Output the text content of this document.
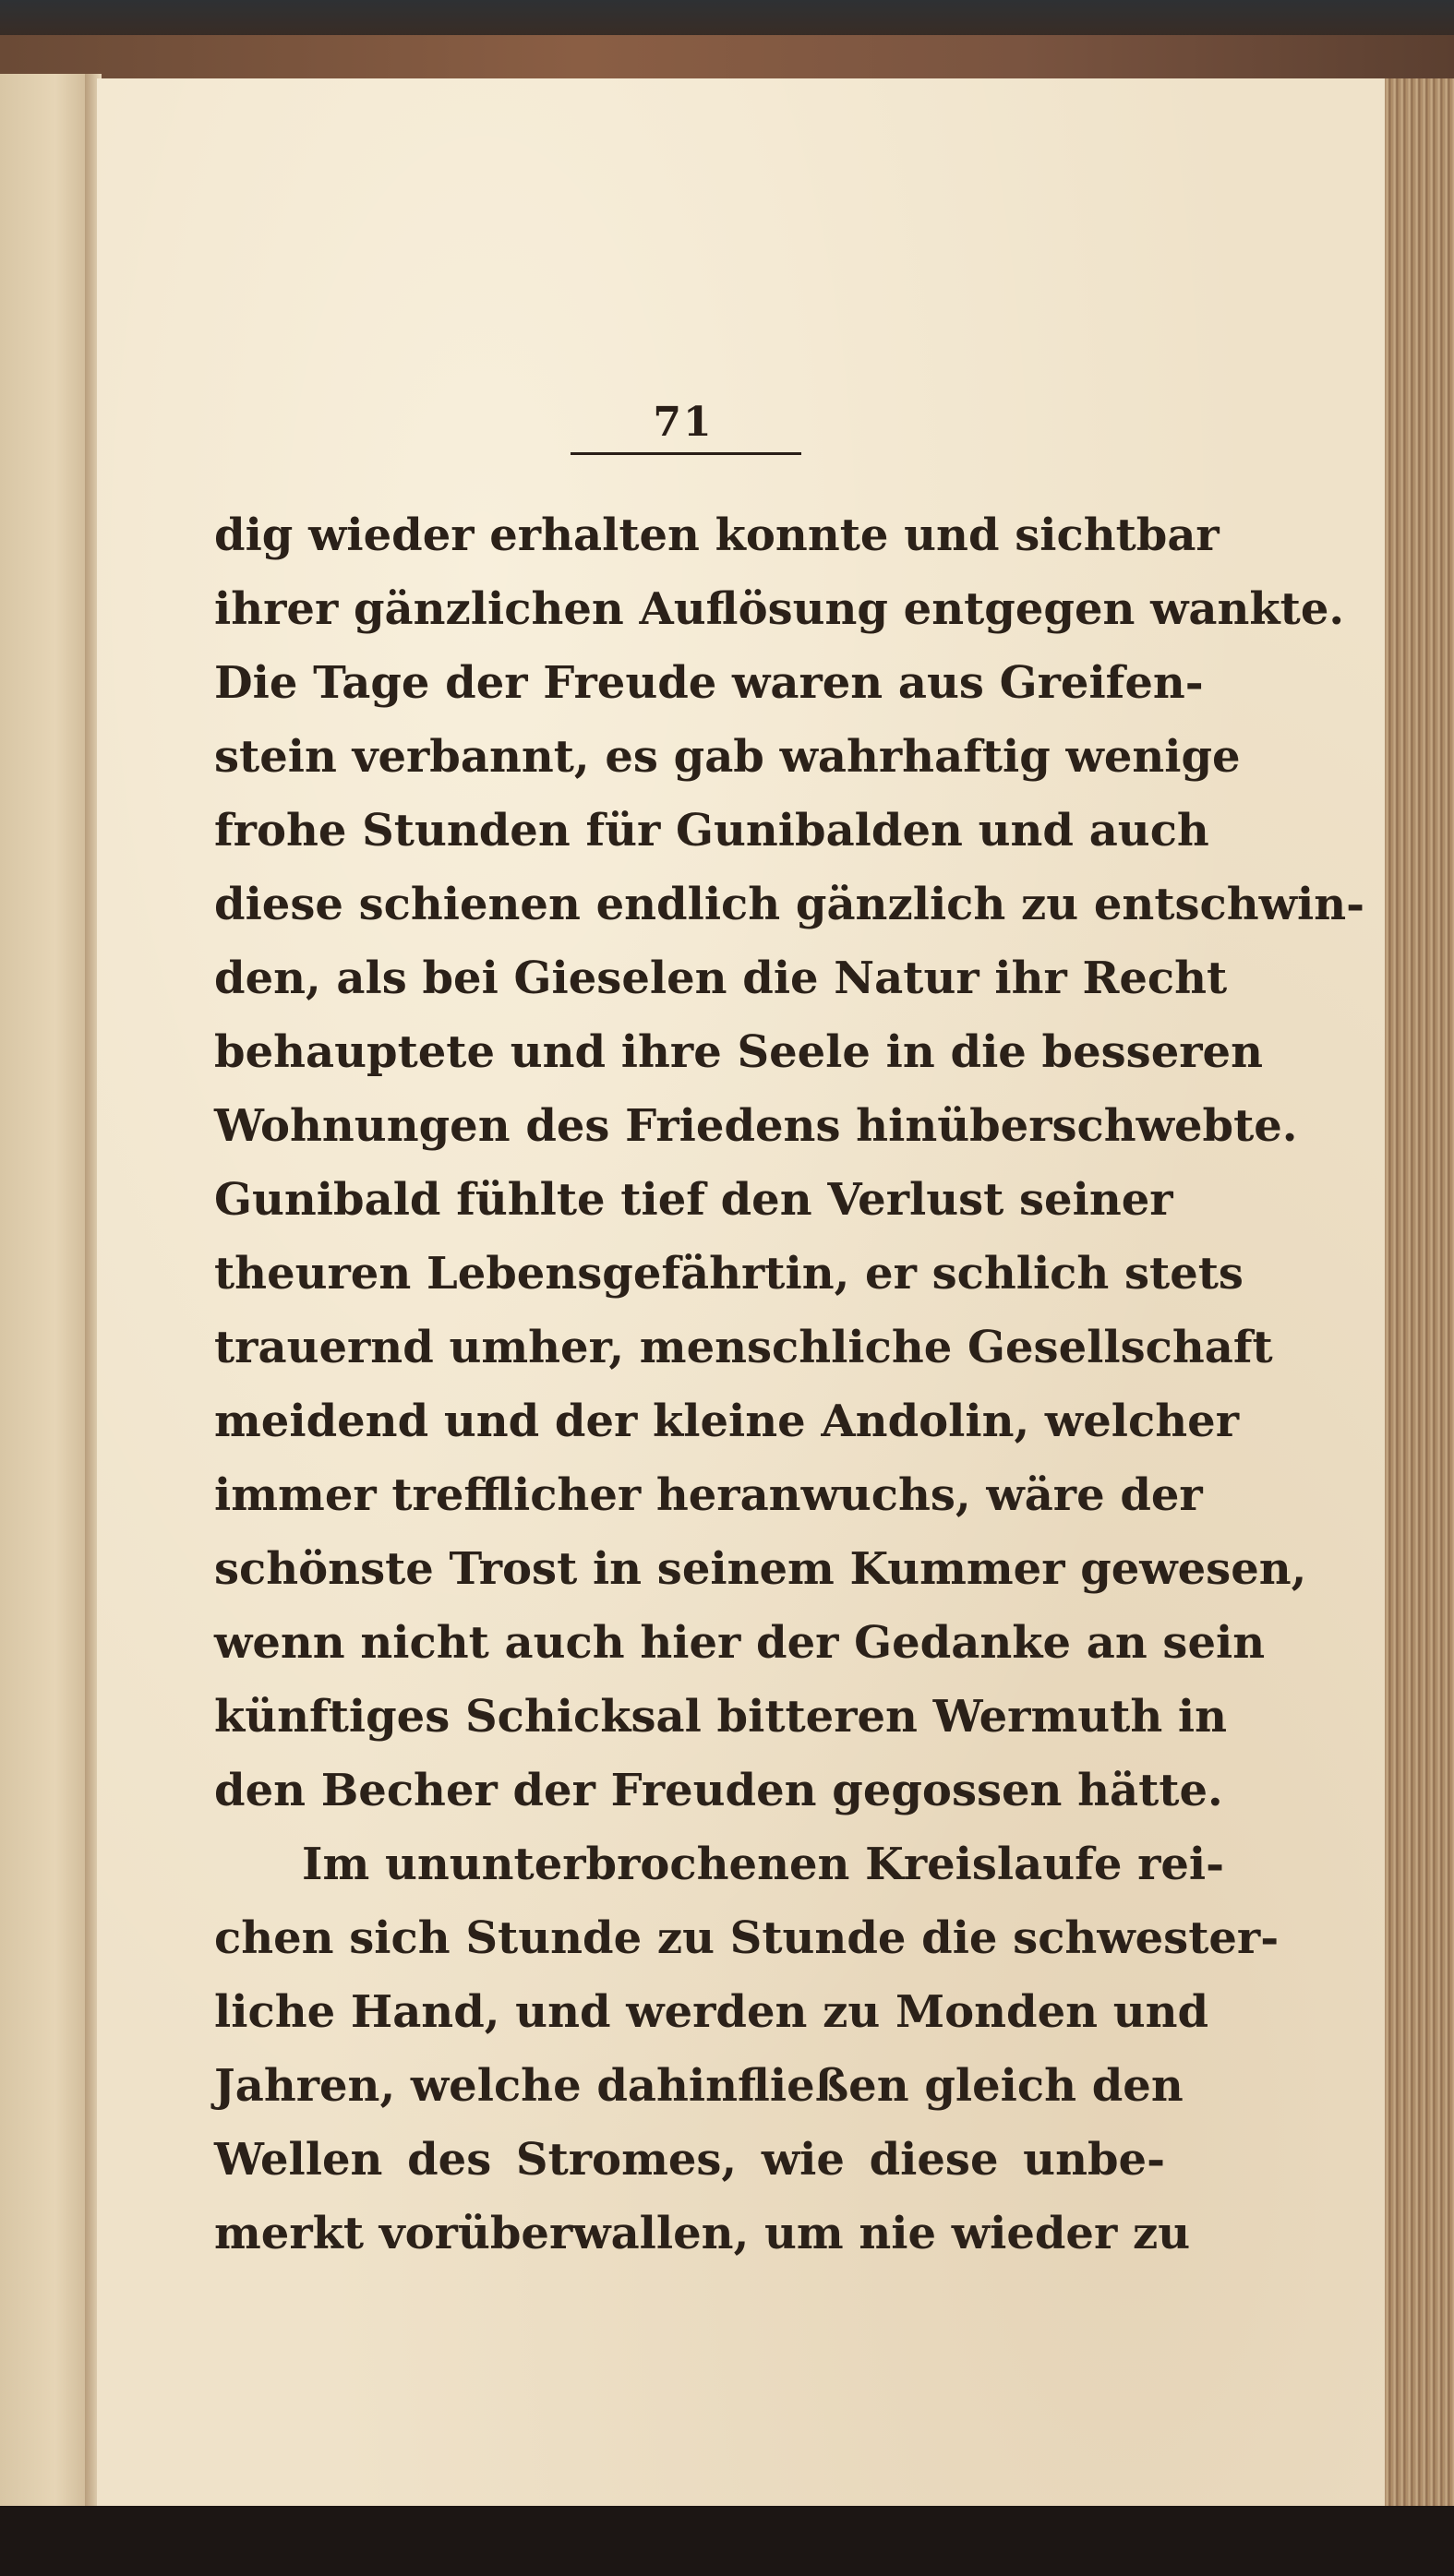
71
dig wieder erhalten konnte und sichtbar
ihrer gänzlichen Auflösung entgegen wankte.
Die Tage der Freude waren aus Greifen-
stein verbannt, es gab wahrhaftig wenige
frohe Stunden für Gunibalden und auch
diese schienen endlich gänzlich zu entschwin-
den, als bei Gieselen die Natur ihr Recht
behauptete und ihre Seele in die besseren
Wohnungen des Friedens hinüberschwebte.
Gunibald fühlte tief den Verlust seiner
theuren Lebensgefährtin, er schlich stets
trauernd umher, menschliche Gesellschaft
meidend und der kleine Andolin, welcher
immer trefflicher heranwuchs, wäre der
schönste Trost in seinem Kummer gewesen,
wenn nicht auch hier der Gedanke an sein
künftiges Schicksal bitteren Wermuth in
den Becher der Freuden gegossen hätte.
Im ununterbrochenen Kreislaufe rei-
chen sich Stunde zu Stunde die schwester-
liche Hand, und werden zu Monden und
Jahren, welche dahinfließen gleich den
Wellen des Stromes, wie diese unbe-
merkt vorüberwallen, um nie wieder zu
